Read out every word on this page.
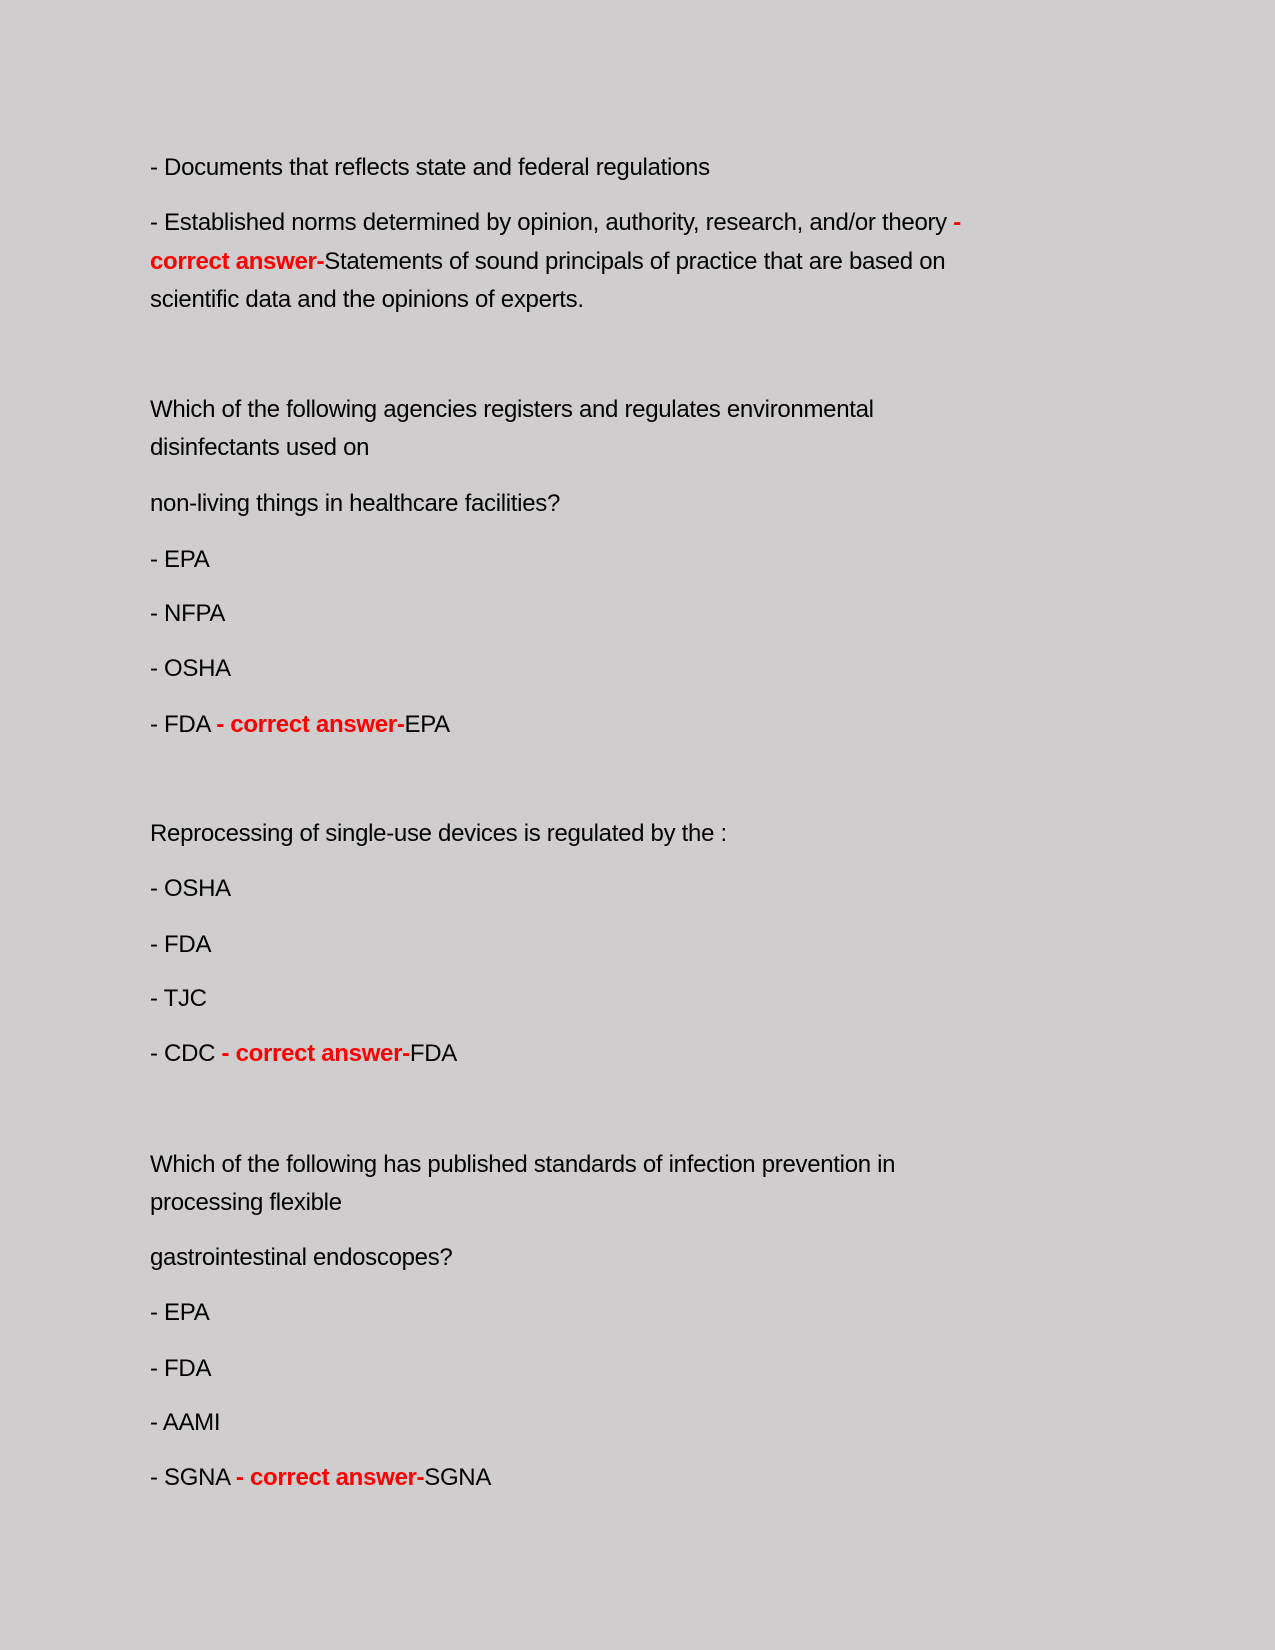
- Documents that reflects state and federal regulations
- Established norms determined by opinion, authority, research, and/or theory -
correct answer-Statements of sound principals of practice that are based on
scientific data and the opinions of experts.
Which of the following agencies registers and regulates environmental
disinfectants used on
non-living things in healthcare facilities?
- EPA
- NFPA
- OSHA
- FDA - correct answer-EPA
Reprocessing of single-use devices is regulated by the :
- OSHA
- FDA
- TJC
- CDC - correct answer-FDA
Which of the following has published standards of infection prevention in
processing flexible
gastrointestinal endoscopes?
- EPA
- FDA
- AAMI
- SGNA - correct answer-SGNA
